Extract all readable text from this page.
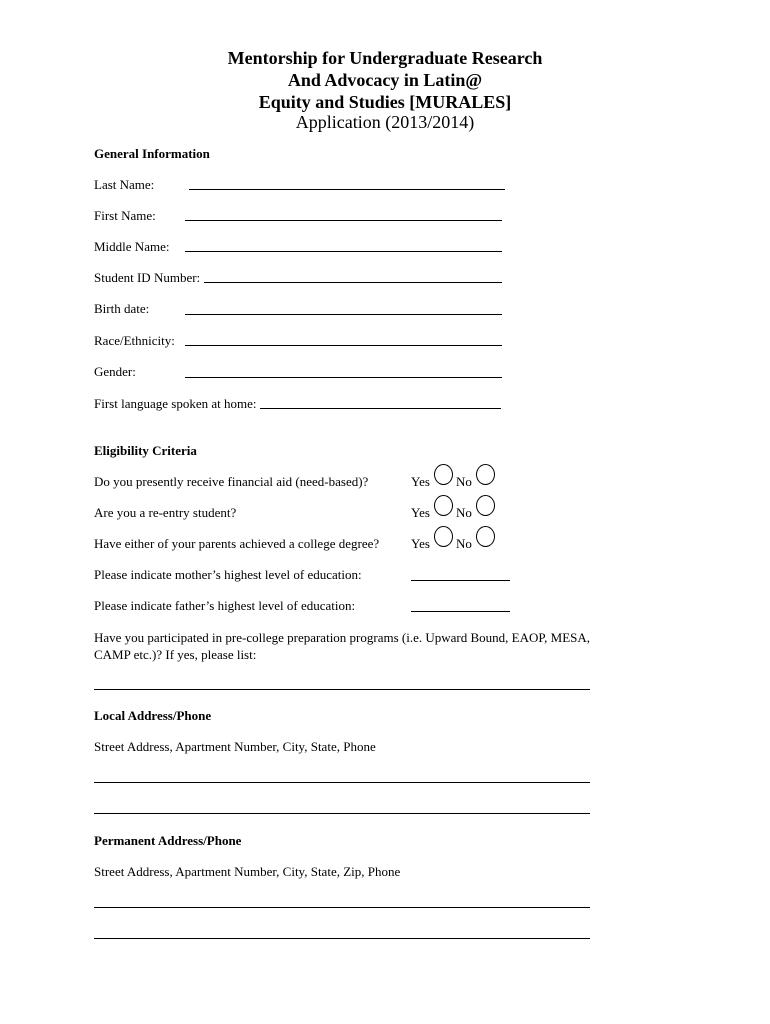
Mentorship for Undergraduate Research
And Advocacy in Latin@
Equity and Studies [MURALES]
Application (2013/2014)
General Information
Last Name:
First Name:
Middle Name:
Student ID Number:
Birth date:
Race/Ethnicity:
Gender:
First language spoken at home:
Eligibility Criteria
Do you presently receive financial aid (need-based)?	Yes No
Are you a re-entry student?	Yes No
Have either of your parents achieved a college degree? Yes No
Please indicate mother’s highest level of education:
Please indicate father’s highest level of education:
Have you participated in pre-college preparation programs (i.e. Upward Bound, EAOP, MESA, CAMP etc.)? If yes, please list:
Local Address/Phone
Street Address, Apartment Number, City, State, Phone
Permanent Address/Phone
Street Address, Apartment Number, City, State, Zip, Phone
